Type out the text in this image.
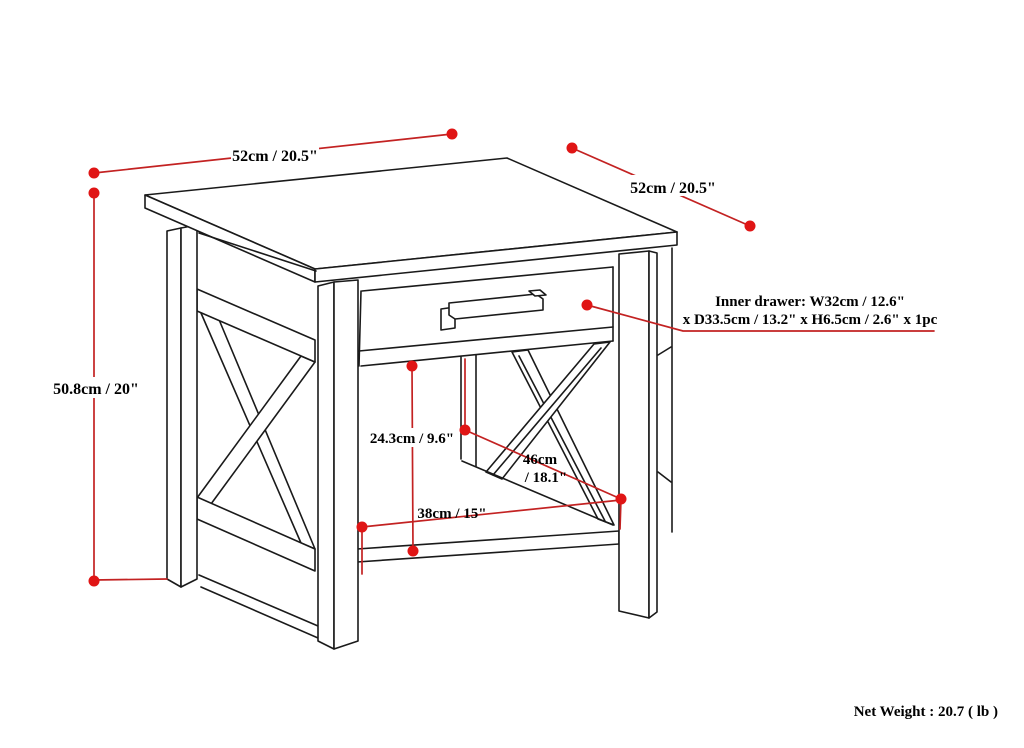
52cm / 20.5"
52cm / 20.5"
50.8cm / 20"
Inner drawer: W32cm / 12.6"
x D33.5cm / 13.2" x H6.5cm / 2.6" x 1pc
24.3cm / 9.6"
46cm
/ 18.1"
38cm / 15"
Net Weight : 20.7 ( lb )
